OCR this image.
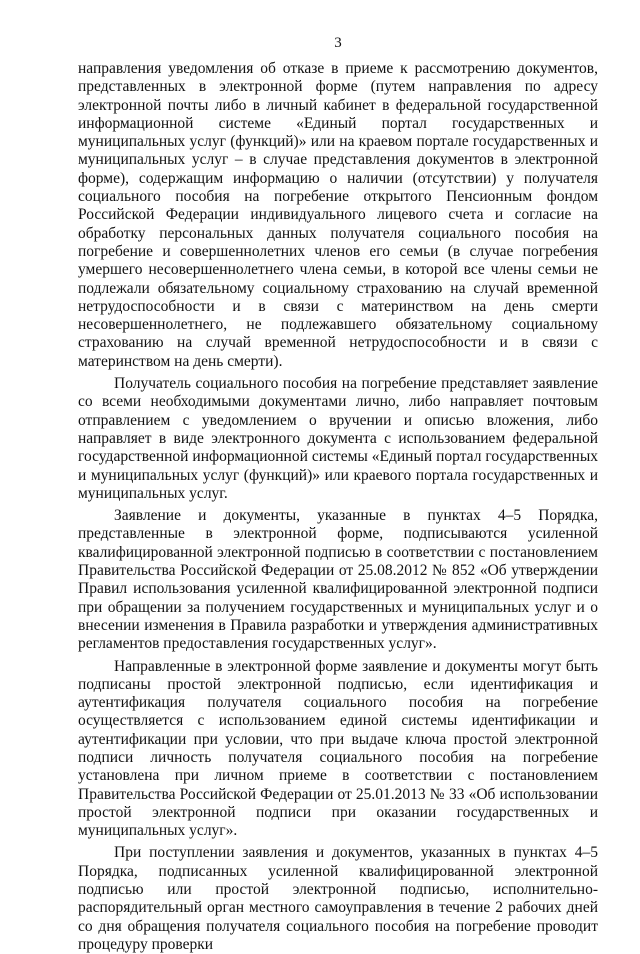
3

направления уведомления об отказе в приеме к рассмотрению документов, представленных в электронной форме (путем направления по адресу электронной почты либо в личный кабинет в федеральной государственной информационной системе «Единый портал государственных и муниципальных услуг (функций)» или на краевом портале государственных и муниципальных услуг – в случае представления документов в электронной форме), содержащим информацию о наличии (отсутствии) у получателя социального пособия на погребение открытого Пенсионным фондом Российской Федерации индивидуального лицевого счета и согласие на обработку персональных данных получателя социального пособия на погребение и совершеннолетних членов его семьи (в случае погребения умершего несовершеннолетнего члена семьи, в которой все члены семьи не подлежали обязательному социальному страхованию на случай временной нетрудоспособности и в связи с материнством на день смерти несовершеннолетнего, не подлежавшего обязательному социальному страхованию на случай временной нетрудоспособности и в связи с материнством на день смерти).

Получатель социального пособия на погребение представляет заявление со всеми необходимыми документами лично, либо направляет почтовым отправлением с уведомлением о вручении и описью вложения, либо направляет в виде электронного документа с использованием федеральной государственной информационной системы «Единый портал государственных и муниципальных услуг (функций)» или краевого портала государственных и муниципальных услуг.

Заявление и документы, указанные в пунктах 4–5 Порядка, представленные в электронной форме, подписываются усиленной квалифицированной электронной подписью в соответствии с постановлением Правительства Российской Федерации от 25.08.2012 № 852 «Об утверждении Правил использования усиленной квалифицированной электронной подписи при обращении за получением государственных и муниципальных услуг и о внесении изменения в Правила разработки и утверждения административных регламентов предоставления государственных услуг».

Направленные в электронной форме заявление и документы могут быть подписаны простой электронной подписью, если идентификация и аутентификация получателя социального пособия на погребение осуществляется с использованием единой системы идентификации и аутентификации при условии, что при выдаче ключа простой электронной подписи личность получателя социального пособия на погребение установлена при личном приеме в соответствии с постановлением Правительства Российской Федерации от 25.01.2013 № 33 «Об использовании простой электронной подписи при оказании государственных и муниципальных услуг».

При поступлении заявления и документов, указанных в пунктах 4–5 Порядка, подписанных усиленной квалифицированной электронной подписью или простой электронной подписью, исполнительно-распорядительный орган местного самоуправления в течение 2 рабочих дней со дня обращения получателя социального пособия на погребение проводит процедуру проверки
